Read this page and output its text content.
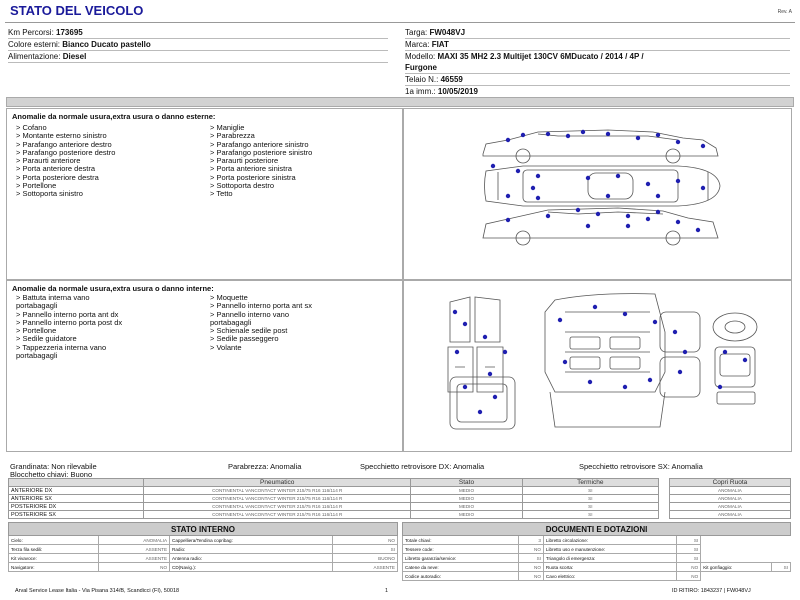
STATO DEL VEICOLO	Rev. A
Km Percorsi: 173695
Colore esterni: Bianco Ducato pastello
Alimentazione: Diesel
Targa: FW048VJ
Marca: FIAT
Modello: MAXI 35 MH2 2.3 Multijet 130CV 6MDucato / 2014 / 4P /
Furgone
Telaio N.: 46559
1a imm.: 10/05/2019
Anomalie da normale usura,extra usura o danno esterne:
> Cofano
> Montante esterno sinistro
> Parafango anteriore destro
> Parafango posteriore destro
> Paraurti anteriore
> Porta anteriore destra
> Porta posteriore destra
> Portellone
> Sottoporta sinistro
> Maniglie
> Parabrezza
> Parafango anteriore sinistro
> Parafango posteriore sinistro
> Paraurti posteriore
> Porta anteriore sinistra
> Porta posteriore sinistra
> Sottoporta destro
> Tetto
Anomalie da normale usura,extra usura o danno interne:
> Battuta interna vano
portabagagli
> Pannello interno porta ant dx
> Pannello interno porta post dx
> Portellone
> Sedile guidatore
> Tappezzeria interna vano
portabagagli
> Moquette
> Pannello interno porta ant sx
> Pannello interno vano
portabagagli
> Schienale sedile post
> Sedile passeggero
> Volante
Grandinata: Non rilevabile
Blocchetto chiavi: Buono
Parabrezza: Anomalia	Specchietto retrovisore DX: Anomalia	Specchietto retrovisore SX: Anomalia
	Pneumatico	Stato	Termiche		Copri Ruota
ANTERIORE DX	CONTINENTAL VANCONTACT WINTER 215/75 R16 116/114 R	MEDIO	SI		ANOMALIA
ANTERIORE SX	CONTINENTAL VANCONTACT WINTER 215/75 R16 116/114 R	MEDIO	SI		ANOMALIA
POSTERIORE DX	CONTINENTAL VANCONTACT WINTER 215/75 R16 116/114 R	MEDIO	SI		ANOMALIA
POSTERIORE SX	CONTINENTAL VANCONTACT WINTER 215/75 R16 116/114 R	MEDIO	SI		ANOMALIA
STATO INTERNO			
Cielo:	ANOMALIA	Cappelliera/Tendina copribag:	NO
Terza fila sedili:	ASSENTE	Radio:	SI
Kit vivavoce:	ASSENTE	Antenna radio:	BUONO
Navigatore:	NO	CD(Navig.):	ASSENTE
DOCUMENTI E DOTAZIONI					
Totale chiavi:	3	Libretto circolazione:	SI		
Tessere code:	NO	Libretto uso e manutenzione:	SI		
Libretto garanzia/service:	SI	Triangolo di emergenza:	SI		
Catene da neve:	NO	Ruota scorta:	NO	Kit gonfiaggio:	SI
Codice autoradio:	NO	Cavo elettrico:	NO		
Arval Service Lease Italia - Via Pisana 314/B, Scandicci (FI), 50018	1	ID RITIRO: 1843237 | FW048VJ
